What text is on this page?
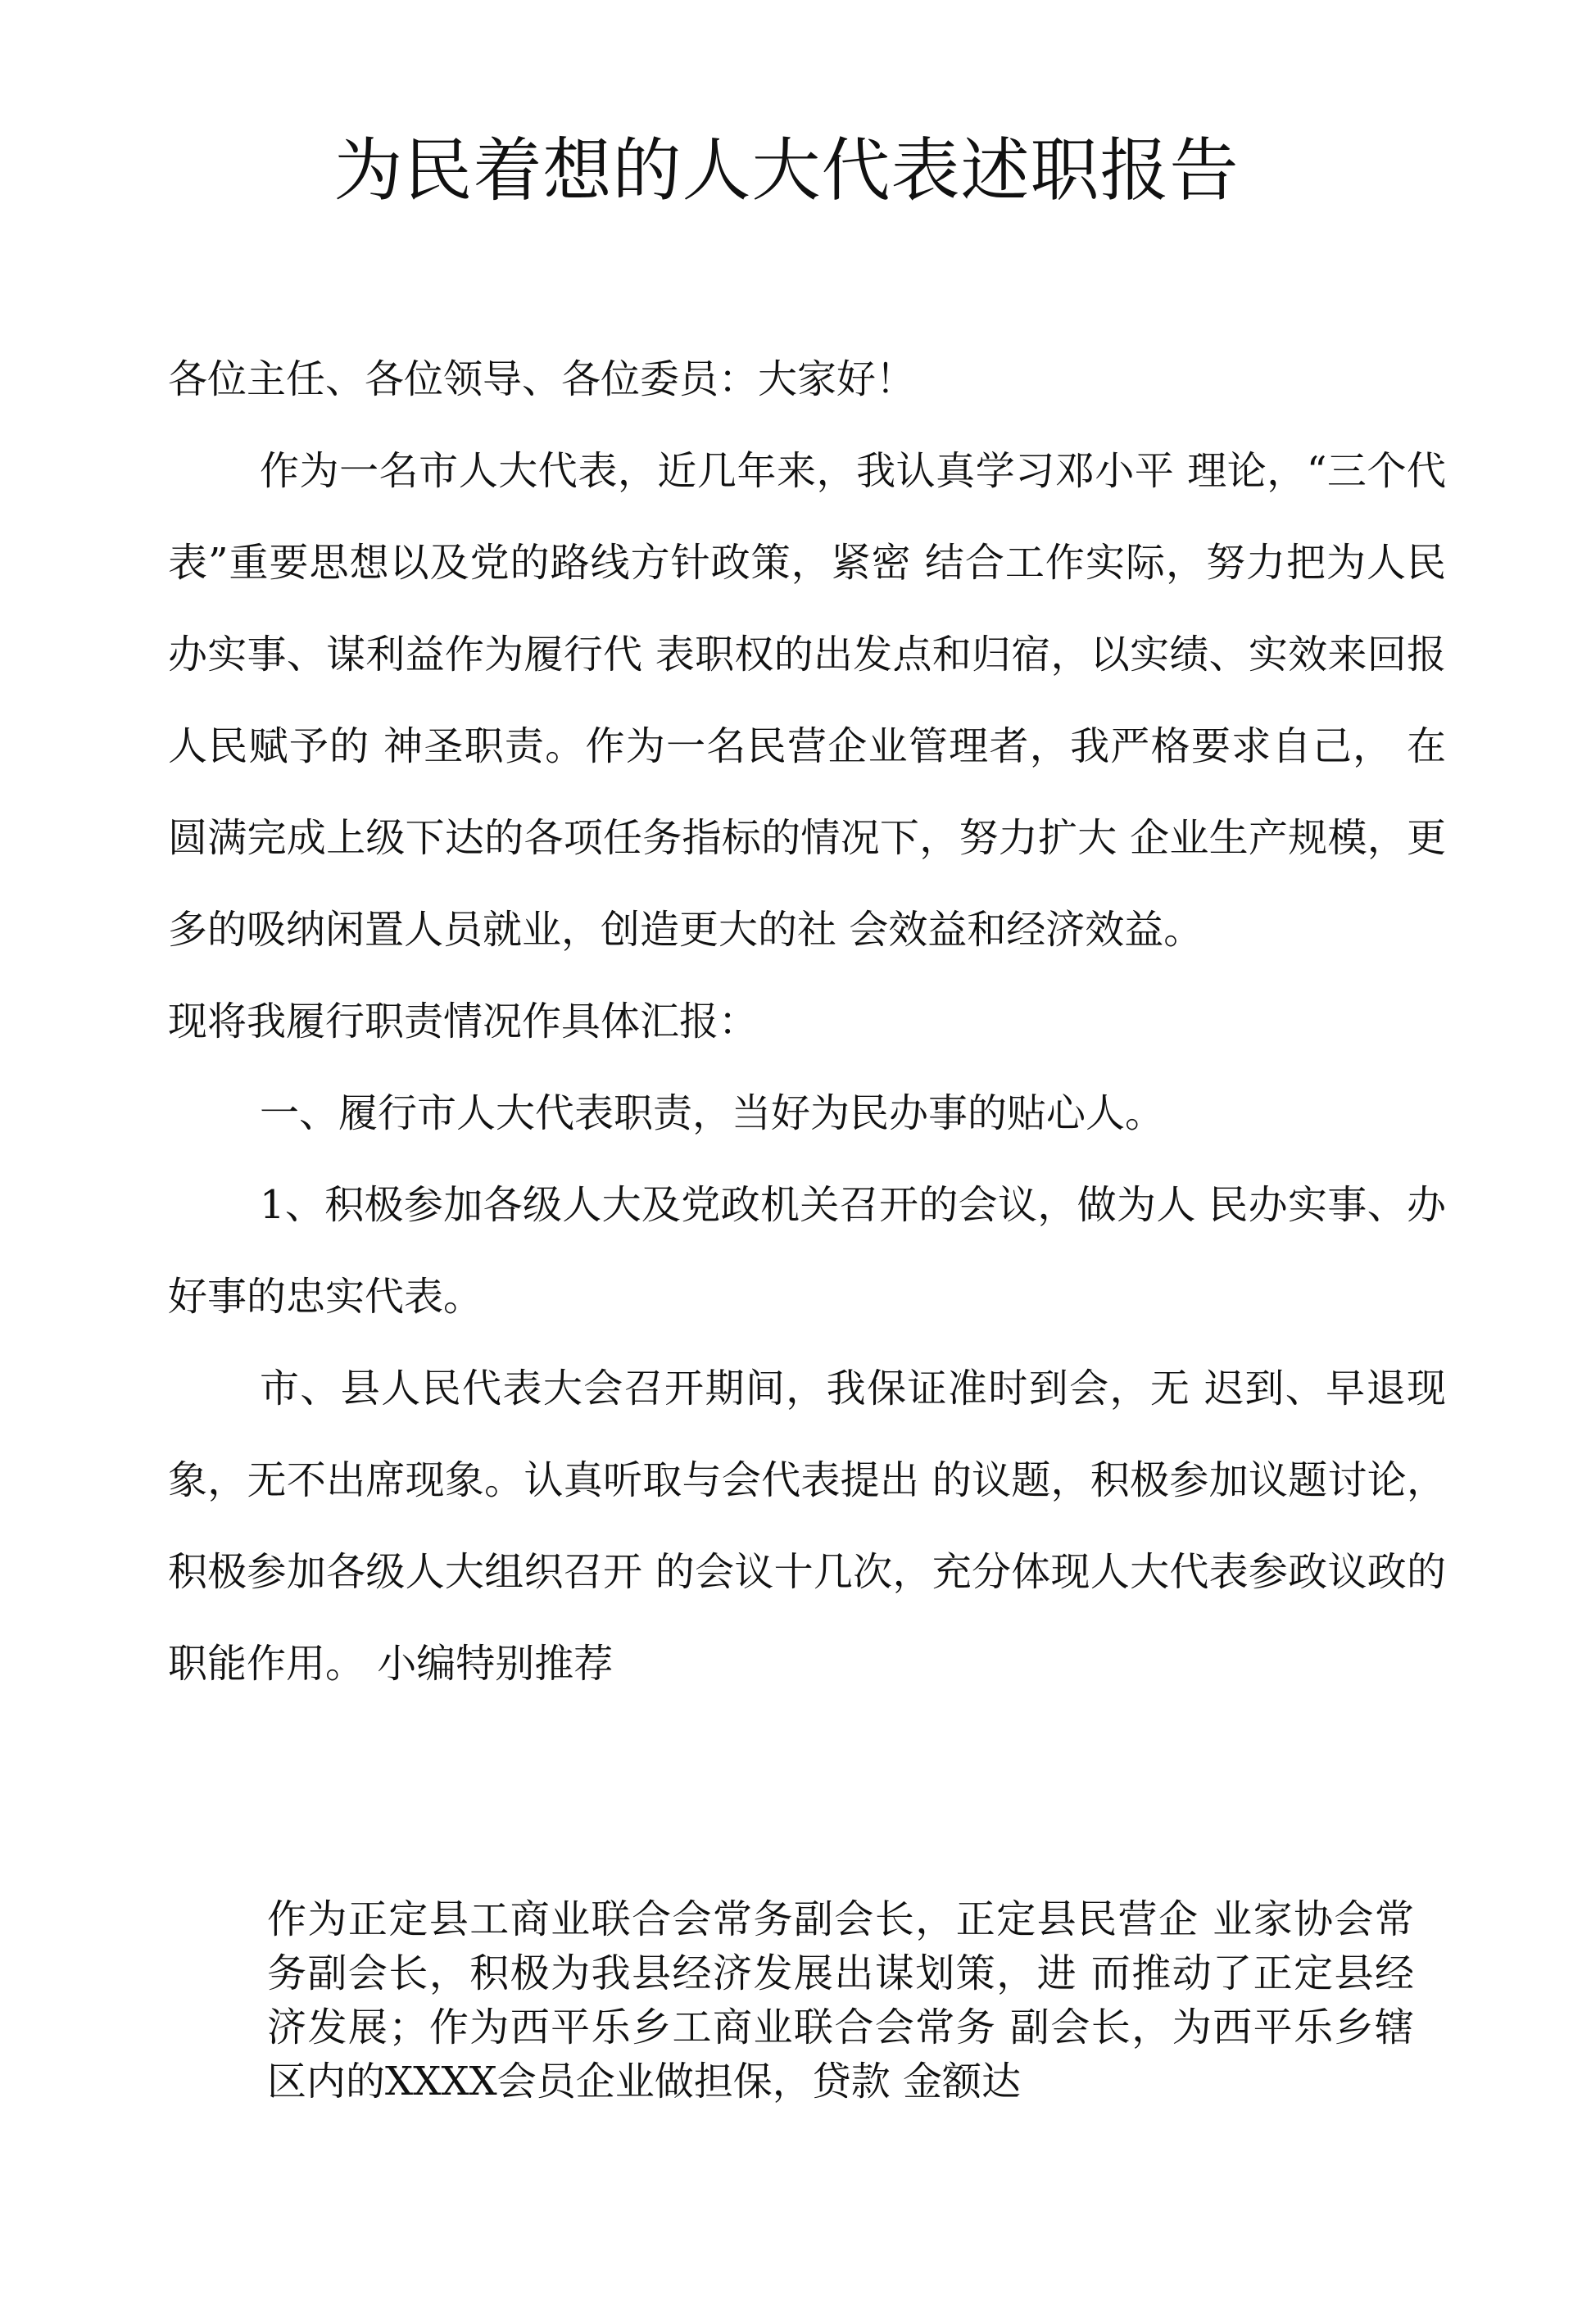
为民着想的人大代表述职报告

各位主任、各位领导、各位委员：大家好！

作为一名市人大代表，近几年来，我认真学习邓小平 理论，“三个代表”重要思想以及党的路线方针政策，紧密 结合工作实际，努力把为人民办实事、谋利益作为履行代 表职权的出发点和归宿，以实绩、实效来回报人民赋予的 神圣职责。作为一名民营企业管理者，我严格要求自己， 在圆满完成上级下达的各项任务指标的情况下，努力扩大 企业生产规模，更多的吸纳闲置人员就业，创造更大的社 会效益和经济效益。

现将我履行职责情况作具体汇报：

一、履行市人大代表职责，当好为民办事的贴心人。

1、积极参加各级人大及党政机关召开的会议，做为人 民办实事、办好事的忠实代表。

市、县人民代表大会召开期间，我保证准时到会，无 迟到、早退现象，无不出席现象。认真听取与会代表提出 的议题，积极参加议题讨论，积极参加各级人大组织召开 的会议十几次，充分体现人大代表参政议政的职能作用。 小编特别推荐

作为正定县工商业联合会常务副会长，正定县民营企 业家协会常务副会长，积极为我县经济发展出谋划策，进 而推动了正定县经济发展；作为西平乐乡工商业联合会常务 副会长，为西平乐乡辖区内的XXXX会员企业做担保，贷款 金额达
